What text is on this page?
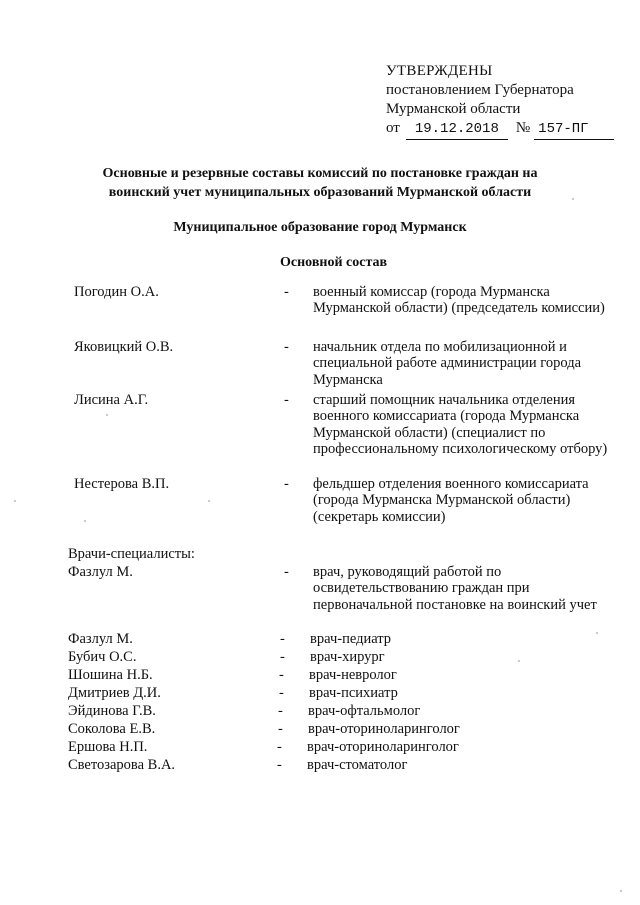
УТВЕРЖДЕНЫ
постановлением Губернатора
Мурманской области
от	19.12.2018	№ 157-ПГ
Основные и резервные составы комиссий по постановке граждан на
воинский учет муниципальных образований Мурманской области
Муниципальное образование город Мурманск
Основной состав
Погодин О.А.	- военный комиссар (города Мурманска Мурманской области) (председатель комиссии)
Яковицкий О.В.	- начальник отдела по мобилизационной и специальной работе администрации города Мурманска
Лисина А.Г.	- старший помощник начальника отделения военного комиссариата (города Мурманска Мурманской области) (специалист по профессиональному психологическому отбору)
Нестерова В.П.	- фельдшер отделения военного комиссариата (города Мурманска Мурманской области) (секретарь комиссии)
Врачи-специалисты:
Фазлул М.	- врач, руководящий работой по освидетельствованию граждан при первоначальной постановке на воинский учет
Фазлул М.	- врач-педиатр
Бубич О.С.	- врач-хирург
Шошина Н.Б.	- врач-невролог
Дмитриев Д.И.	- врач-психиатр
Эйдинова Г.В.	- врач-офтальмолог
Соколова Е.В.	- врач-оториноларинголог
Ершова Н.П.	- врач-оториноларинголог
Светозарова В.А.	- врач-стоматолог
